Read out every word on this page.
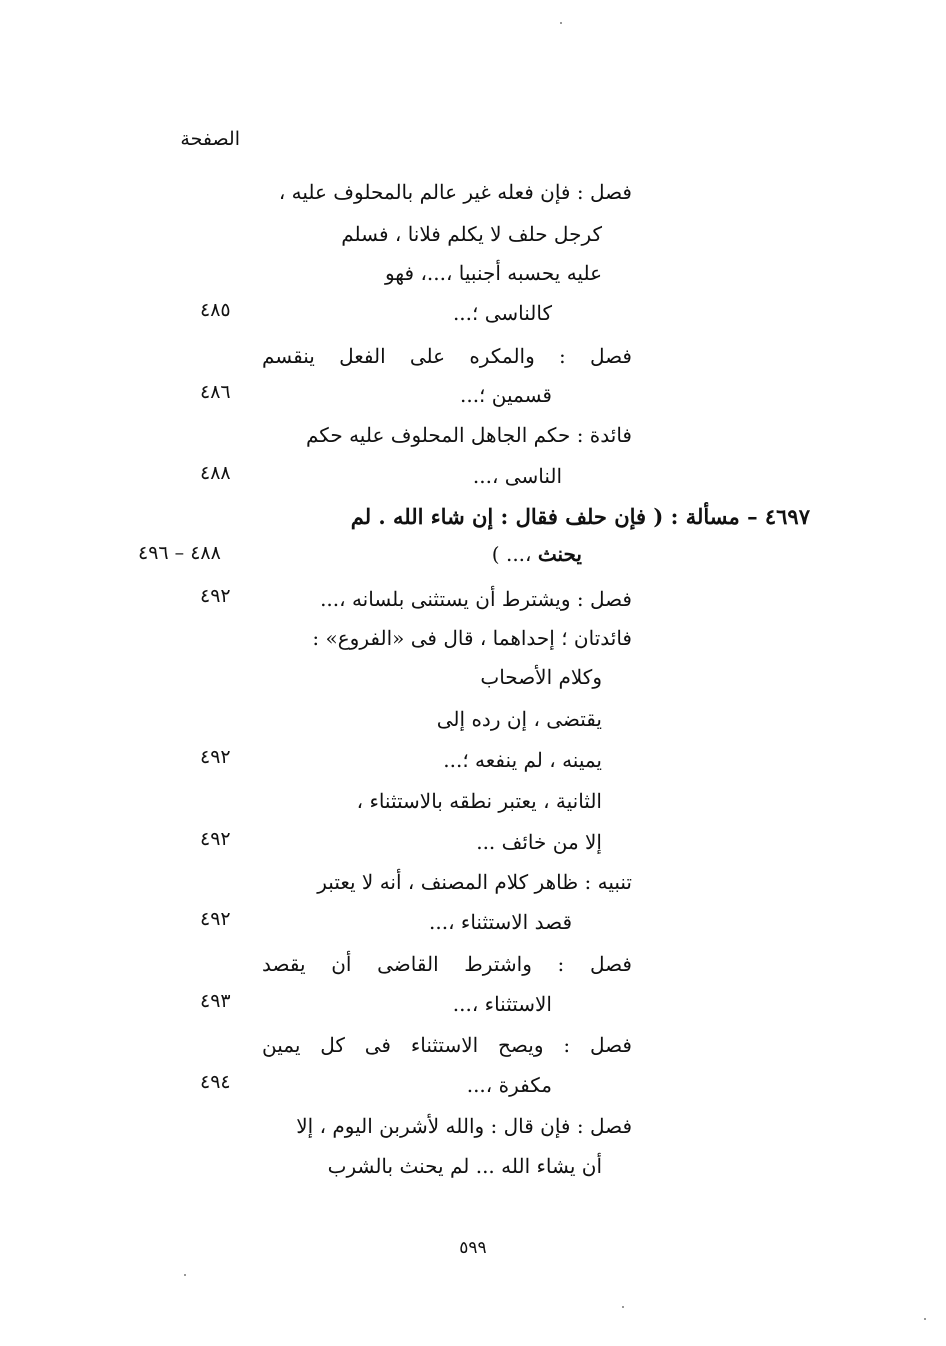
الصفحة
فصل : فإن فعله غير عالم بالمحلوف عليه ،
كرجل حلف لا يكلم فلانا ، فسلم
عليه يحسبه أجنبيا ،...، فهو
كالناسى ؛...
٤٨٥
فصل : والمكره على الفعل ينقسم
قسمين ؛...
٤٨٦
فائدة : حكم الجاهل المحلوف عليه حكم
الناسى ،...
٤٨٨
٤٦٩٧ – مسألة : ( فإن حلف فقال : إن شاء الله . لم
يحنث ،... )
٤٨٨ – ٤٩٦
فصل : ويشترط أن يستثنى بلسانه ،...
٤٩٢
فائدتان ؛ إحداهما ، قال فى «الفروع» :
وكلام الأصحاب
يقتضى ، إن رده إلى
يمينه ، لم ينفعه ؛...
٤٩٢
الثانية ، يعتبر نطقه بالاستثناء ،
إلا من خائف ...
٤٩٢
تنبيه : ظاهر كلام المصنف ، أنه لا يعتبر
قصد الاستثناء ،...
٤٩٢
فصل : واشترط القاضى أن يقصد
الاستثناء ،...
٤٩٣
فصل : ويصح الاستثناء فى كل يمين
مكفرة ،...
٤٩٤
فصل : فإن قال : والله لأشربن اليوم ، إلا
أن يشاء الله ... لم يحنث بالشرب
٥٩٩
